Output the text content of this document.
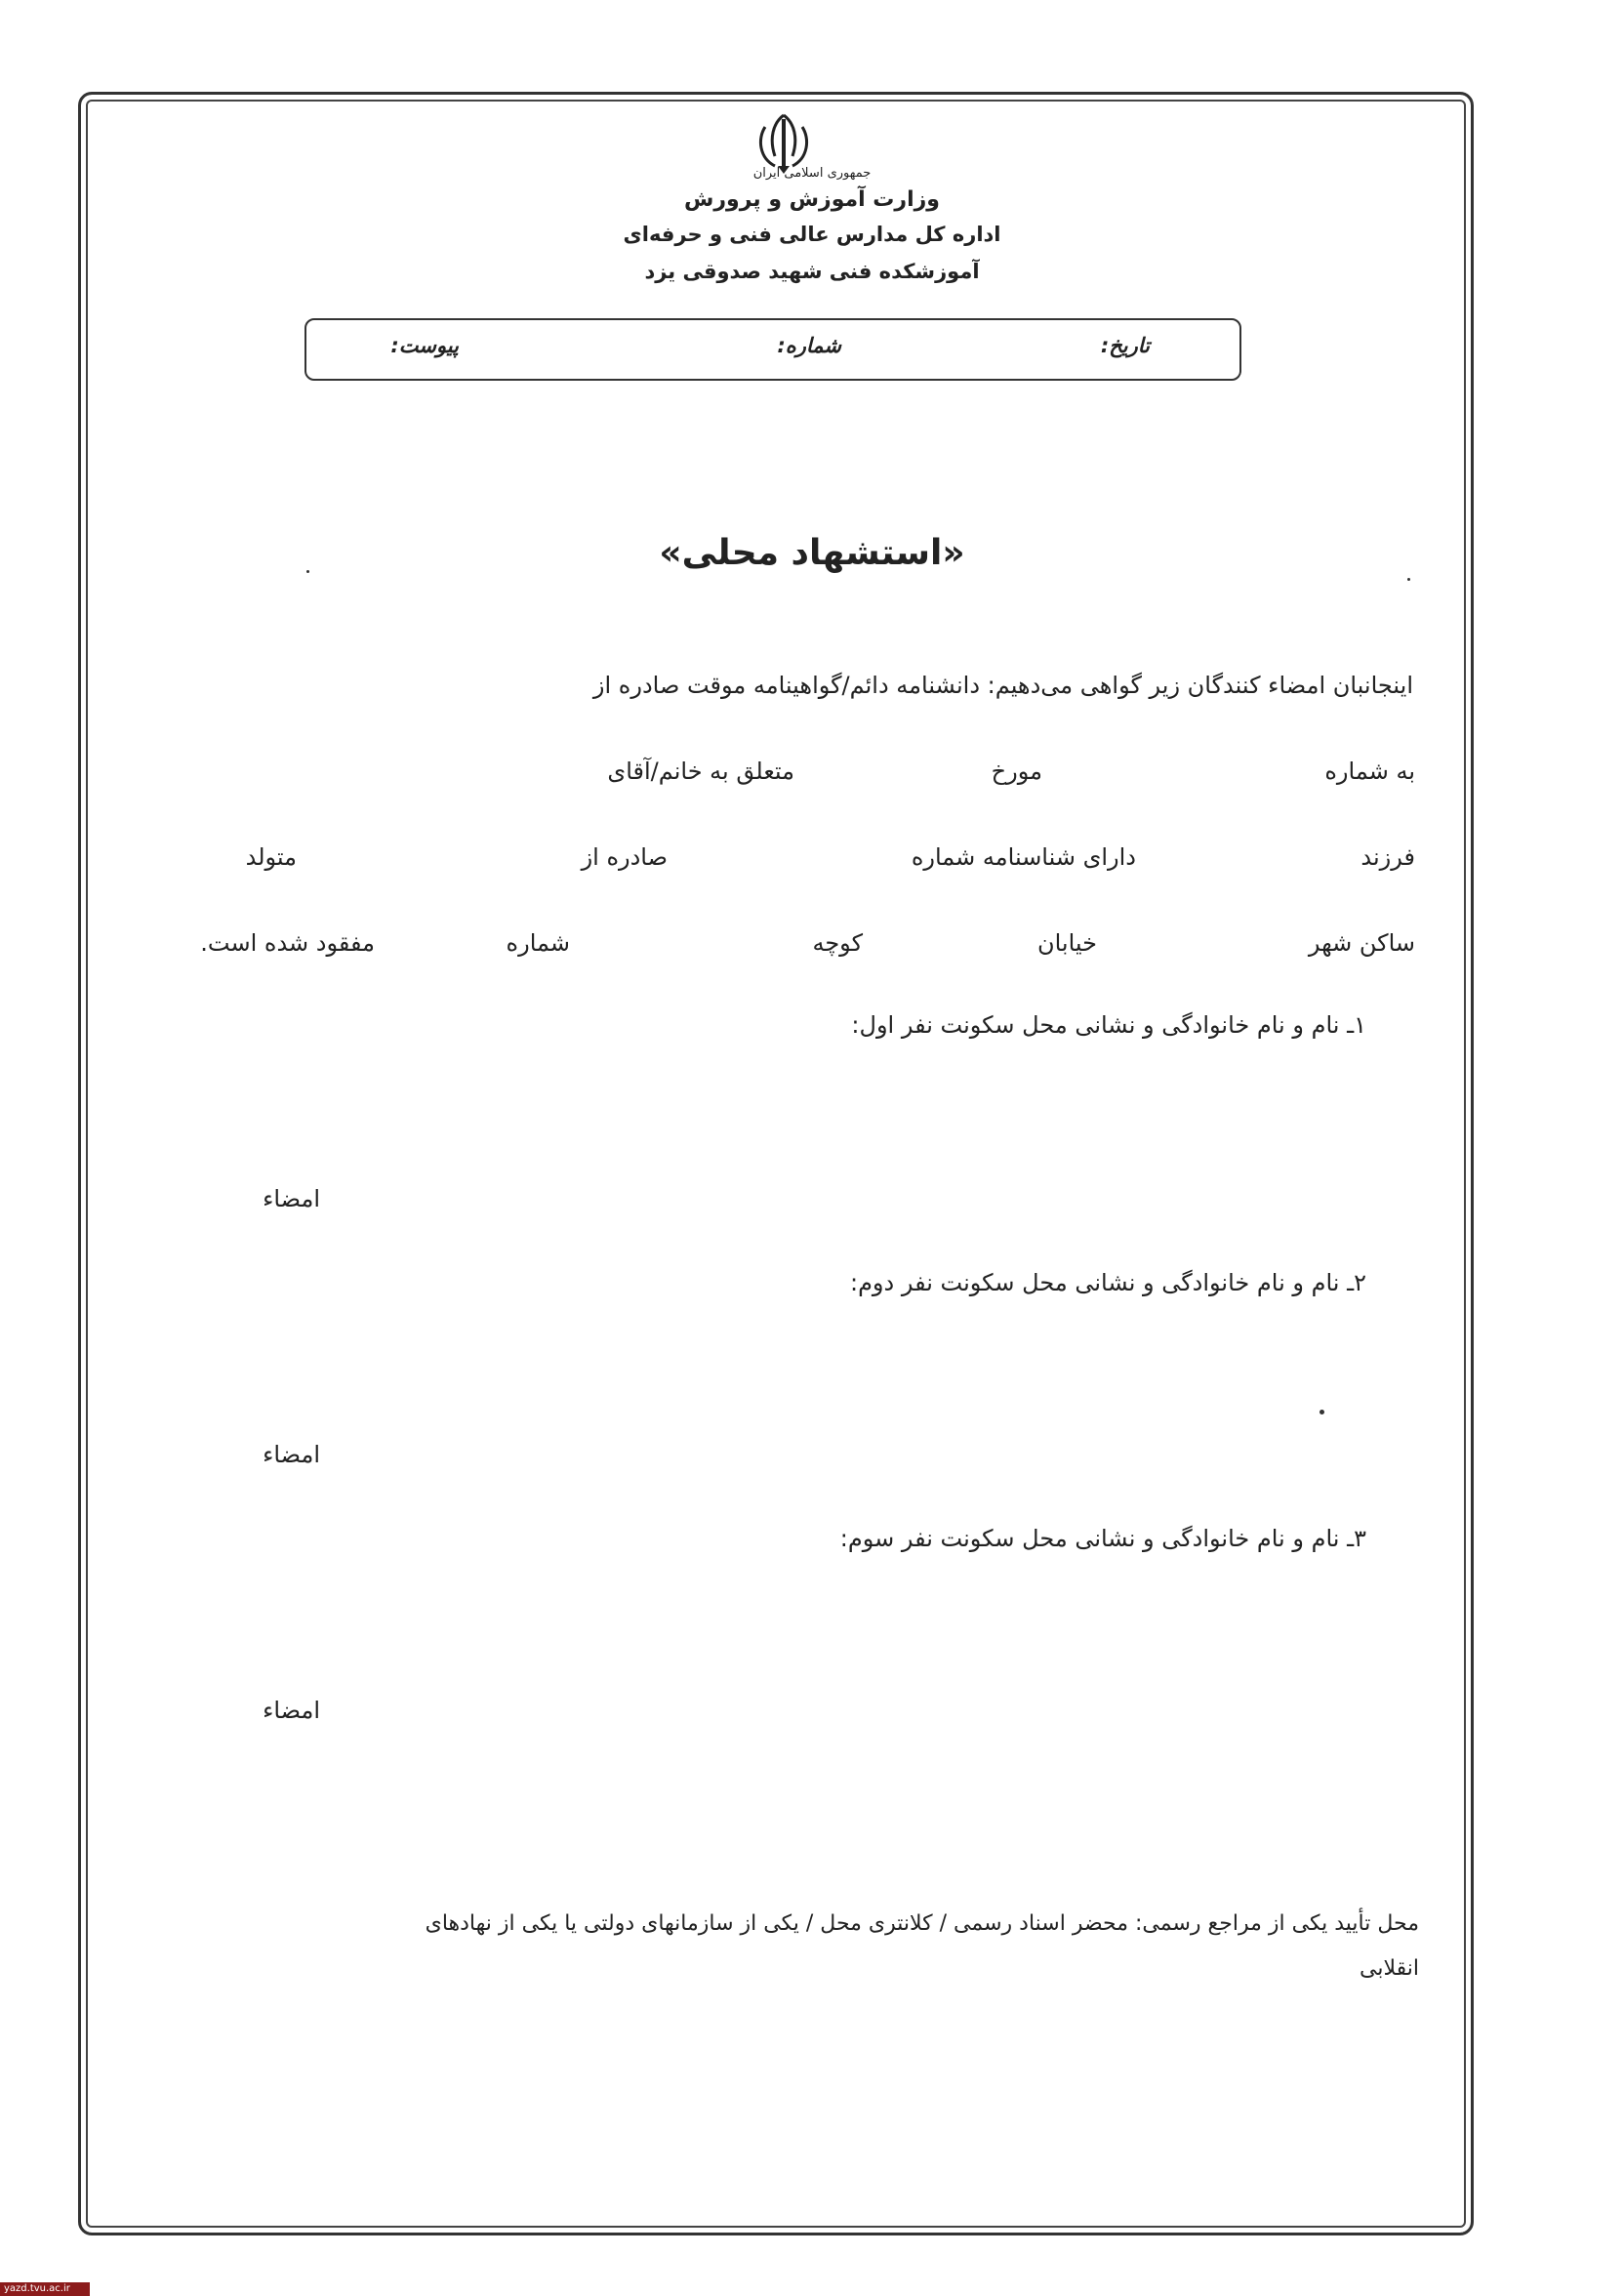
جمهوری اسلامی ایران
وزارت آموزش و پرورش
اداره کل مدارس عالی فنی و حرفه‌ای
آموزشکده فنی شهید صدوقی یزد
تاریخ:
شماره:
پیوست:
«استشهاد محلی»
اینجانبان امضاء کنندگان زیر گواهی می‌دهیم: دانشنامه دائم/گواهینامه موقت صادره از
به شماره
مورخ
متعلق به خانم/آقای
فرزند
دارای شناسنامه شماره
صادره از
متولد
ساکن شهر
خیابان
کوچه
شماره
مفقود شده است.
۱ـ نام و نام خانوادگی و نشانی محل سکونت نفر اول:
امضاء
۲ـ نام و نام خانوادگی و نشانی محل سکونت نفر دوم:
امضاء
۳ـ نام و نام خانوادگی و نشانی محل سکونت نفر سوم:
امضاء
محل تأیید یکی از مراجع رسمی: محضر اسناد رسمی / کلانتری محل / یکی از سازمانهای دولتی یا یکی از نهادهای
انقلابی
yazd.tvu.ac.ir
